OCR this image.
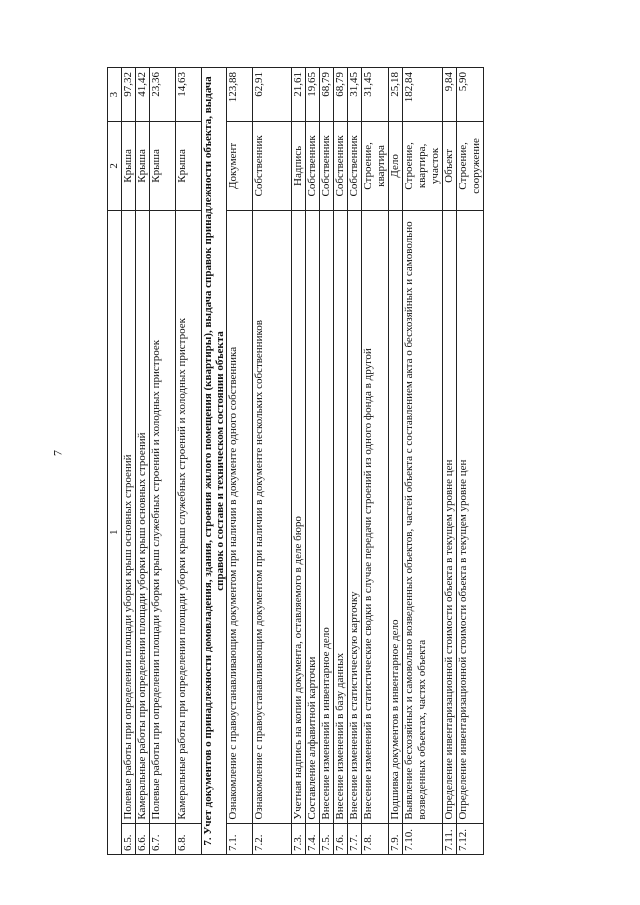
7
1		2	3
6.5.	Полевые работы при определении площади уборки крыш основных строений	Крыша	97,32
6.6.	Камеральные работы при определении площади уборки крыш основных строений	Крыша	41,42
6.7.	Полевые работы при определении площади уборки крыш служебных строений и холодных пристроек	Крыша	23,36
6.8.	Камеральные работы при определении площади уборки крыш служебных строений и холодных пристроек	Крыша	14,63
7. Учет документов о принадлежности домовладения, здания, строения жилого помещения (квартиры), выдача справок принадлежности объекта, выдача справок о составе и техническом состоянии объекта			
7.1.	Ознакомление с правоустанавливающим документом при наличии в документе одного собственника	Документ	123,88
7.2.	Ознакомление с правоустанавливающим документом при наличии в документе нескольких собственников	Собственник	62,91
7.3.	Учетная надпись на копии документа, оставляемого в деле бюро	Надпись	21,61
7.4.	Составление алфавитной карточки	Собственник	19,65
7.5.	Внесение изменений в инвентарное дело	Собственник	68,79
7.6.	Внесение изменений в базу данных	Собственник	68,79
7.7.	Внесение изменений в статистическую карточку	Собственник	31,45
7.8.	Внесение изменений в статистические сводки в случае передачи строений из одного фонда в другой	Строение, квартира	31,45
7.9.	Подшивка документов в инвентарное дело	Дело	25,18
7.10.	Выявление бесхозяйных и самовольно возведенных объектов, частей объекта с составлением акта о бесхозяйных и самовольно возведенных объектах, частях объекта	Строение, квартира, участок	182,84
7.11.	Определение инвентаризационной стоимости объекта в текущем уровне цен	Объект	9,84
7.12.	Определение инвентаризационной стоимости объекта в текущем уровне цен	Строение, сооружение	5,90
